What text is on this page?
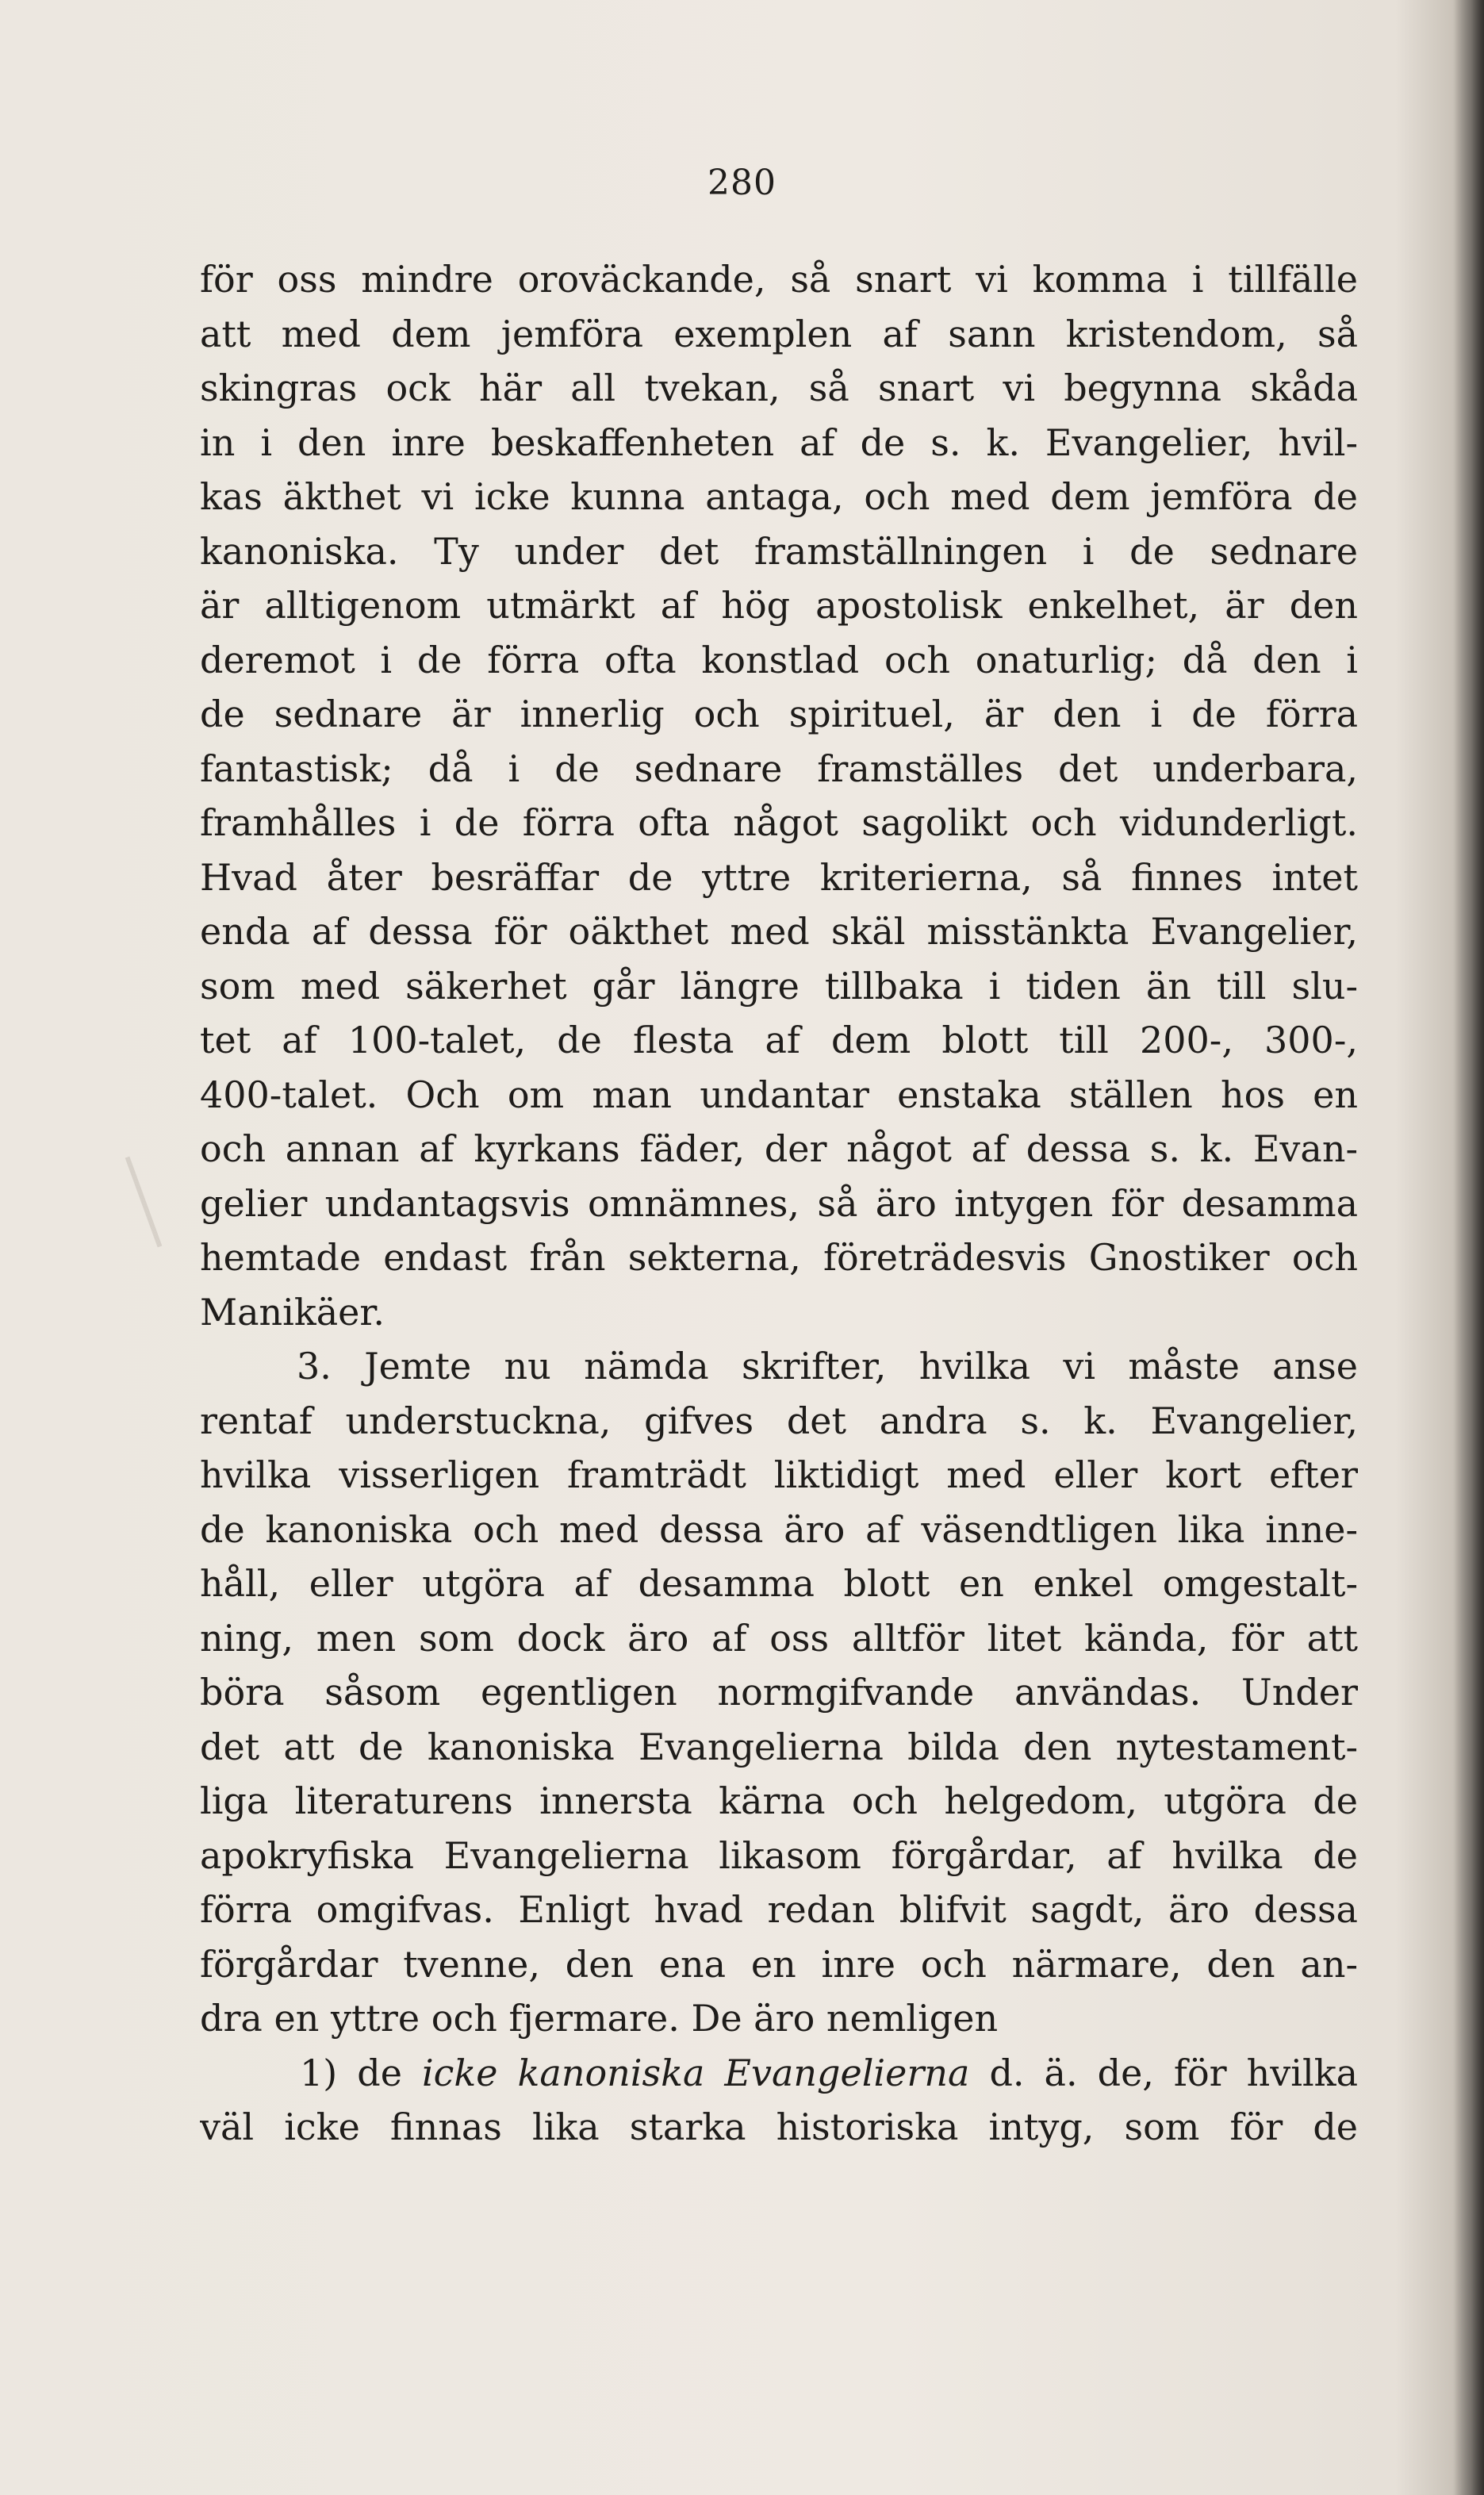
280
för oss mindre oroväckande, så snart vi komma i tillfälle
att med dem jemföra exemplen af sann kristendom, så
skingras ock här all tvekan, så snart vi begynna skåda
in i den inre beskaffenheten af de s. k. Evangelier, hvil-
kas äkthet vi icke kunna antaga, och med dem jemföra de
kanoniska. Ty under det framställningen i de sednare
är alltigenom utmärkt af hög apostolisk enkelhet, är den
deremot i de förra ofta konstlad och onaturlig; då den i
de sednare är innerlig och spirituel, är den i de förra
fantastisk; då i de sednare framställes det underbara,
framhålles i de förra ofta något sagolikt och vidunderligt.
Hvad åter besräffar de yttre kriterierna, så finnes intet
enda af dessa för oäkthet med skäl misstänkta Evangelier,
som med säkerhet går längre tillbaka i tiden än till slu-
tet af 100-talet, de flesta af dem blott till 200-, 300-,
400-talet. Och om man undantar enstaka ställen hos en
och annan af kyrkans fäder, der något af dessa s. k. Evan-
gelier undantagsvis omnämnes, så äro intygen för desamma
hemtade endast från sekterna, företrädesvis Gnostiker och
Manikäer.
3. Jemte nu nämda skrifter, hvilka vi måste anse
rentaf understuckna, gifves det andra s. k. Evangelier,
hvilka visserligen framträdt liktidigt med eller kort efter
de kanoniska och med dessa äro af väsendtligen lika inne-
håll, eller utgöra af desamma blott en enkel omgestalt-
ning, men som dock äro af oss alltför litet kända, för att
böra såsom egentligen normgifvande användas. Under
det att de kanoniska Evangelierna bilda den nytestament-
liga literaturens innersta kärna och helgedom, utgöra de
apokryfiska Evangelierna likasom förgårdar, af hvilka de
förra omgifvas. Enligt hvad redan blifvit sagdt, äro dessa
förgårdar tvenne, den ena en inre och närmare, den an-
dra en yttre och fjermare. De äro nemligen
1) de icke kanoniska Evangelierna d. ä. de, för hvilka
väl icke finnas lika starka historiska intyg, som för de
